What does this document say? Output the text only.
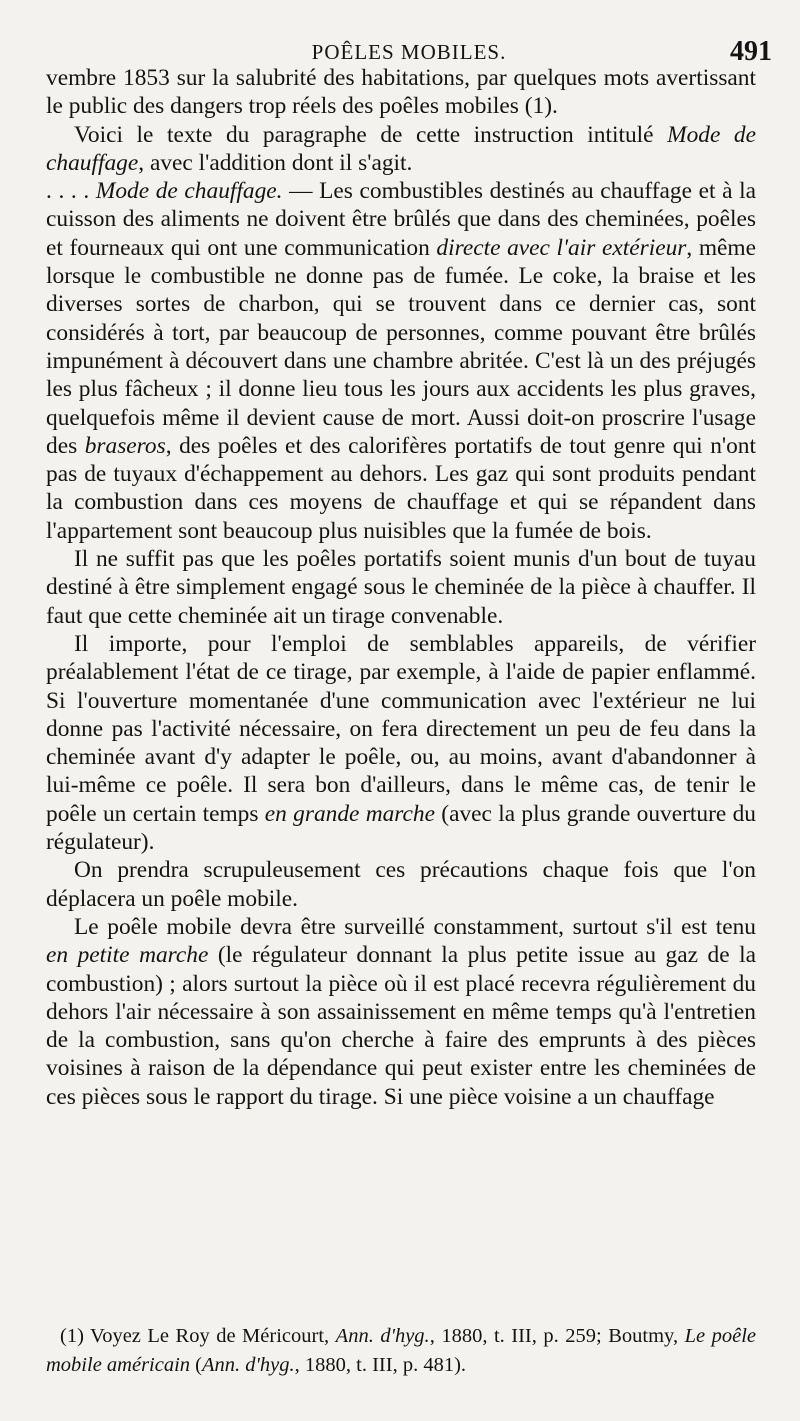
POÊLES MOBILES.	491

vembre 1853 sur la salubrité des habitations, par quelques mots avertissant le public des dangers trop réels des poêles mobiles (1).

Voici le texte du paragraphe de cette instruction intitulé Mode de chauffage, avec l'addition dont il s'agit.

. . . . Mode de chauffage. — Les combustibles destinés au chauffage et à la cuisson des aliments ne doivent être brûlés que dans des cheminées, poêles et fourneaux qui ont une communication directe avec l'air extérieur, même lorsque le combustible ne donne pas de fumée. Le coke, la braise et les diverses sortes de charbon, qui se trouvent dans ce dernier cas, sont considérés à tort, par beaucoup de personnes, comme pouvant être brûlés impunément à découvert dans une chambre abritée. C'est là un des préjugés les plus fâcheux ; il donne lieu tous les jours aux accidents les plus graves, quelquefois même il devient cause de mort. Aussi doit-on proscrire l'usage des braseros, des poêles et des calorifères portatifs de tout genre qui n'ont pas de tuyaux d'échappement au dehors. Les gaz qui sont produits pendant la combustion dans ces moyens de chauffage et qui se répandent dans l'appartement sont beaucoup plus nuisibles que la fumée de bois.

Il ne suffit pas que les poêles portatifs soient munis d'un bout de tuyau destiné à être simplement engagé sous le cheminée de la pièce à chauffer. Il faut que cette cheminée ait un tirage convenable.

Il importe, pour l'emploi de semblables appareils, de vérifier préalablement l'état de ce tirage, par exemple, à l'aide de papier enflammé. Si l'ouverture momentanée d'une communication avec l'extérieur ne lui donne pas l'activité nécessaire, on fera directement un peu de feu dans la cheminée avant d'y adapter le poêle, ou, au moins, avant d'abandonner à lui-même ce poêle. Il sera bon d'ailleurs, dans le même cas, de tenir le poêle un certain temps en grande marche (avec la plus grande ouverture du régulateur).

On prendra scrupuleusement ces précautions chaque fois que l'on déplacera un poêle mobile.

Le poêle mobile devra être surveillé constamment, surtout s'il est tenu en petite marche (le régulateur donnant la plus petite issue au gaz de la combustion) ; alors surtout la pièce où il est placé recevra régulièrement du dehors l'air nécessaire à son assainissement en même temps qu'à l'entretien de la combustion, sans qu'on cherche à faire des emprunts à des pièces voisines à raison de la dépendance qui peut exister entre les cheminées de ces pièces sous le rapport du tirage. Si une pièce voisine a un chauffage

(1) Voyez Le Roy de Méricourt, Ann. d'hyg., 1880, t. III, p. 259; Boutmy, Le poêle mobile américain (Ann. d'hyg., 1880, t. III, p. 481).
